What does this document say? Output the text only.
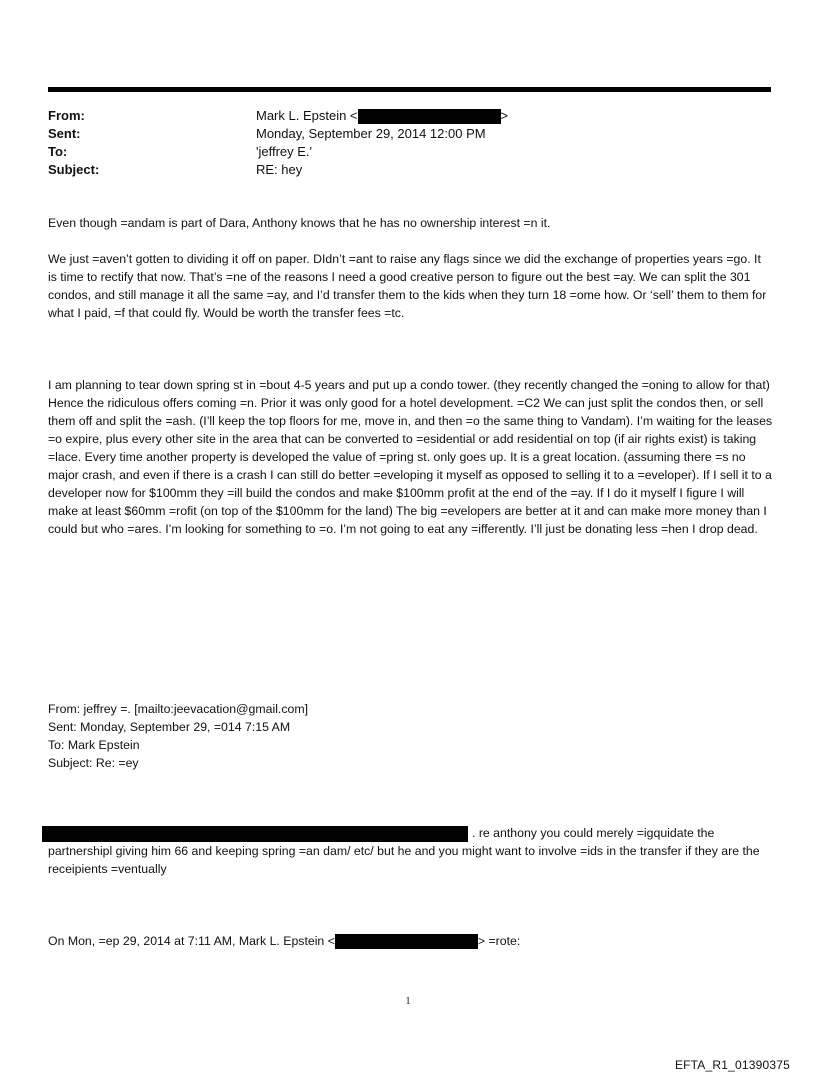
From:	Mark L. Epstein <	>
Sent:	Monday, September 29, 2014 12:00 PM
To:	'jeffrey E.'
Subject:	RE: hey

Even though =andam is part of Dara, Anthony knows that he has no ownership interest =n it.

We just =aven’t gotten to dividing it off on paper. DIdn’t =ant to raise any flags since we did the exchange of properties years =go. It is time to rectify that now. That’s =ne of the reasons I need a good creative person to figure out the best =ay. We can split the 301 condos, and still manage it all the same =ay, and I’d transfer them to the kids when they turn 18 =ome how. Or ‘sell’ them to them for what I paid, =f that could fly. Would be worth the transfer fees =tc.

I am planning to tear down spring st in =bout 4-5 years and put up a condo tower. (they recently changed the =oning to allow for that) Hence the ridiculous offers coming =n. Prior it was only good for a hotel development. =C2 We can just split the condos then, or sell them off and split the =ash. (I’ll keep the top floors for me, move in, and then =o the same thing to Vandam). I’m waiting for the leases =o expire, plus every other site in the area that can be converted to =esidential or add residential on top (if air rights exist) is taking =lace. Every time another property is developed the value of =pring st. only goes up. It is a great location. (assuming there =s no major crash, and even if there is a crash I can still do better =eveloping it myself as opposed to selling it to a =eveloper). If I sell it to a developer now for $100mm they =ill build the condos and make $100mm profit at the end of the =ay. If I do it myself I figure I will make at least $60mm =rofit (on top of the $100mm for the land) The big =evelopers are better at it and can make more money than I could but who =ares. I’m looking for something to =o. I’m not going to eat any =ifferently. I’ll just be donating less =hen I drop dead.

From: jeffrey =. [mailto:jeevacation@gmail.com]
Sent: Monday, September 29, =014 7:15 AM
To: Mark Epstein
Subject: Re: =ey
. re anthony you could merely =igquidate the partnershipl giving him 66 and keeping spring =an dam/ etc/ but he and you might want to involve =ids in the transfer if they are the receipients =ventually
On Mon, =ep 29, 2014 at 7:11 AM, Mark L. Epstein <	> =rote:
1
EFTA_R1_01390375
